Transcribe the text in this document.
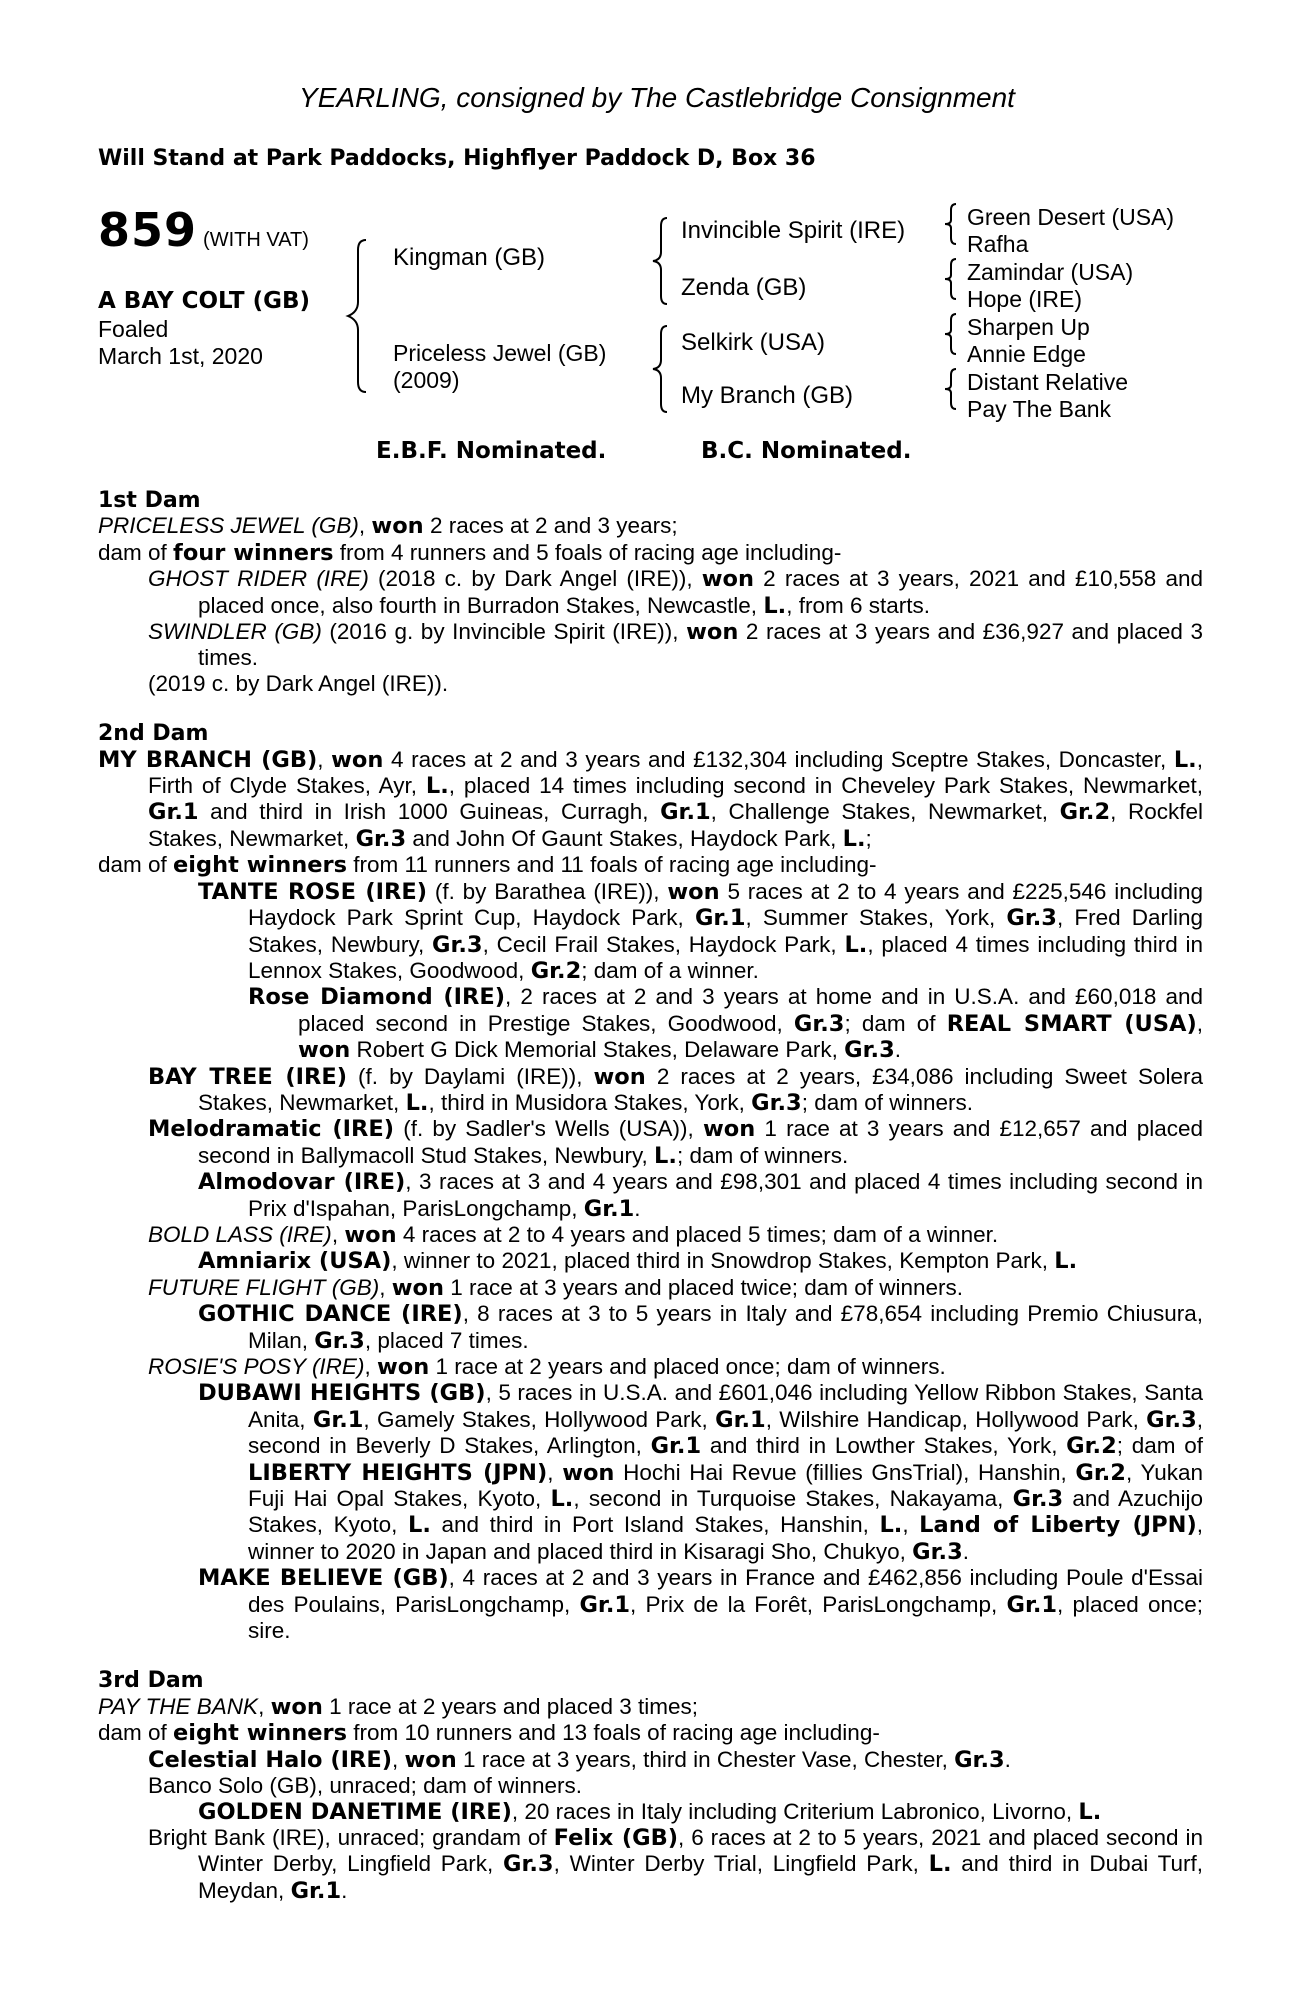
YEARLING, consigned by The Castlebridge Consignment
Will Stand at Park Paddocks, Highflyer Paddock D, Box 36
859 (WITH VAT)
A BAY COLT (GB)
Foaled
March 1st, 2020
Kingman (GB)
Priceless Jewel (GB)
(2009)
Invincible Spirit (IRE)
Zenda (GB)
Selkirk (USA)
My Branch (GB)
Green Desert (USA)
Rafha
Zamindar (USA)
Hope (IRE)
Sharpen Up
Annie Edge
Distant Relative
Pay The Bank
E.B.F. Nominated.	B.C. Nominated.
1st Dam

PRICELESS JEWEL (GB), won 2 races at 2 and 3 years;

dam of four winners from 4 runners and 5 foals of racing age including-

GHOST RIDER (IRE) (2018 c. by Dark Angel (IRE)), won 2 races at 3 years, 2021 and £10,558 and placed once, also fourth in Burradon Stakes, Newcastle, L., from 6 starts.

SWINDLER (GB) (2016 g. by Invincible Spirit (IRE)), won 2 races at 3 years and £36,927 and placed 3 times.

(2019 c. by Dark Angel (IRE)).

2nd Dam

MY BRANCH (GB), won 4 races at 2 and 3 years and £132,304 including Sceptre Stakes, Doncaster, L., Firth of Clyde Stakes, Ayr, L., placed 14 times including second in Cheveley Park Stakes, Newmarket, Gr.1 and third in Irish 1000 Guineas, Curragh, Gr.1, Challenge Stakes, Newmarket, Gr.2, Rockfel Stakes, Newmarket, Gr.3 and John Of Gaunt Stakes, Haydock Park, L.;

dam of eight winners from 11 runners and 11 foals of racing age including-

TANTE ROSE (IRE) (f. by Barathea (IRE)), won 5 races at 2 to 4 years and £225,546 including Haydock Park Sprint Cup, Haydock Park, Gr.1, Summer Stakes, York, Gr.3, Fred Darling Stakes, Newbury, Gr.3, Cecil Frail Stakes, Haydock Park, L., placed 4 times including third in Lennox Stakes, Goodwood, Gr.2; dam of a winner.

Rose Diamond (IRE), 2 races at 2 and 3 years at home and in U.S.A. and £60,018 and placed second in Prestige Stakes, Goodwood, Gr.3; dam of REAL SMART (USA), won Robert G Dick Memorial Stakes, Delaware Park, Gr.3.

BAY TREE (IRE) (f. by Daylami (IRE)), won 2 races at 2 years, £34,086 including Sweet Solera Stakes, Newmarket, L., third in Musidora Stakes, York, Gr.3; dam of winners.

Melodramatic (IRE) (f. by Sadler's Wells (USA)), won 1 race at 3 years and £12,657 and placed second in Ballymacoll Stud Stakes, Newbury, L.; dam of winners.

Almodovar (IRE), 3 races at 3 and 4 years and £98,301 and placed 4 times including second in Prix d'Ispahan, ParisLongchamp, Gr.1.

BOLD LASS (IRE), won 4 races at 2 to 4 years and placed 5 times; dam of a winner.

Amniarix (USA), winner to 2021, placed third in Snowdrop Stakes, Kempton Park, L.

FUTURE FLIGHT (GB), won 1 race at 3 years and placed twice; dam of winners.

GOTHIC DANCE (IRE), 8 races at 3 to 5 years in Italy and £78,654 including Premio Chiusura, Milan, Gr.3, placed 7 times.

ROSIE'S POSY (IRE), won 1 race at 2 years and placed once; dam of winners.

DUBAWI HEIGHTS (GB), 5 races in U.S.A. and £601,046 including Yellow Ribbon Stakes, Santa Anita, Gr.1, Gamely Stakes, Hollywood Park, Gr.1, Wilshire Handicap, Hollywood Park, Gr.3, second in Beverly D Stakes, Arlington, Gr.1 and third in Lowther Stakes, York, Gr.2; dam of LIBERTY HEIGHTS (JPN), won Hochi Hai Revue (fillies GnsTrial), Hanshin, Gr.2, Yukan Fuji Hai Opal Stakes, Kyoto, L., second in Turquoise Stakes, Nakayama, Gr.3 and Azuchijo Stakes, Kyoto, L. and third in Port Island Stakes, Hanshin, L., Land of Liberty (JPN), winner to 2020 in Japan and placed third in Kisaragi Sho, Chukyo, Gr.3.

MAKE BELIEVE (GB), 4 races at 2 and 3 years in France and £462,856 including Poule d'Essai des Poulains, ParisLongchamp, Gr.1, Prix de la Forêt, ParisLongchamp, Gr.1, placed once; sire.

3rd Dam

PAY THE BANK, won 1 race at 2 years and placed 3 times;

dam of eight winners from 10 runners and 13 foals of racing age including-

Celestial Halo (IRE), won 1 race at 3 years, third in Chester Vase, Chester, Gr.3.

Banco Solo (GB), unraced; dam of winners.

GOLDEN DANETIME (IRE), 20 races in Italy including Criterium Labronico, Livorno, L.

Bright Bank (IRE), unraced; grandam of Felix (GB), 6 races at 2 to 5 years, 2021 and placed second in Winter Derby, Lingfield Park, Gr.3, Winter Derby Trial, Lingfield Park, L. and third in Dubai Turf, Meydan, Gr.1.
